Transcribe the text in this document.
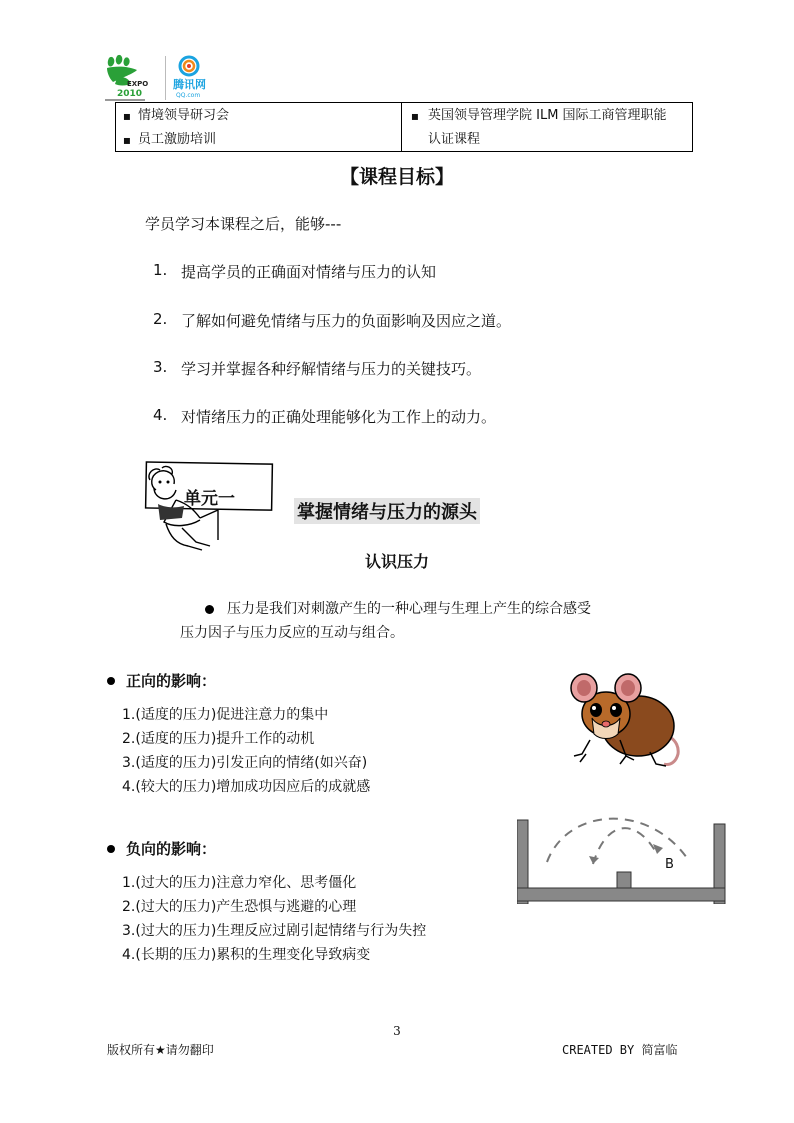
EXPO
2010
腾讯网
QQ.com
▪ 情境领导研习会
▪ 员工激励培训
▪ 英国领导管理学院 ILM 国际工商管理职能
认证课程
【课程目标】
学员学习本课程之后，能够---
1. 提高学员的正确面对情绪与压力的认知
2. 了解如何避免情绪与压力的负面影响及因应之道。
3. 学习并掌握各种纾解情绪与压力的关键技巧。
4. 对情绪压力的正确处理能够化为工作上的动力。
单元一
掌握情绪与压力的源头
认识压力
压力是我们对刺激产生的一种心理与生理上产生的综合感受
压力因子与压力反应的互动与组合。
正向的影响：
1.(适度的压力)促进注意力的集中
2.(适度的压力)提升工作的动机
3.(适度的压力)引发正向的情绪(如兴奋)
4.(较大的压力)增加成功因应后的成就感
负向的影响：
1.(过大的压力)注意力窄化、思考僵化
2.(过大的压力)产生恐惧与逃避的心理
3.(过大的压力)生理反应过剧引起情绪与行为失控
4.(长期的压力)累积的生理变化导致病变
B
3
版权所有★请勿翻印	CREATED BY 简富临
